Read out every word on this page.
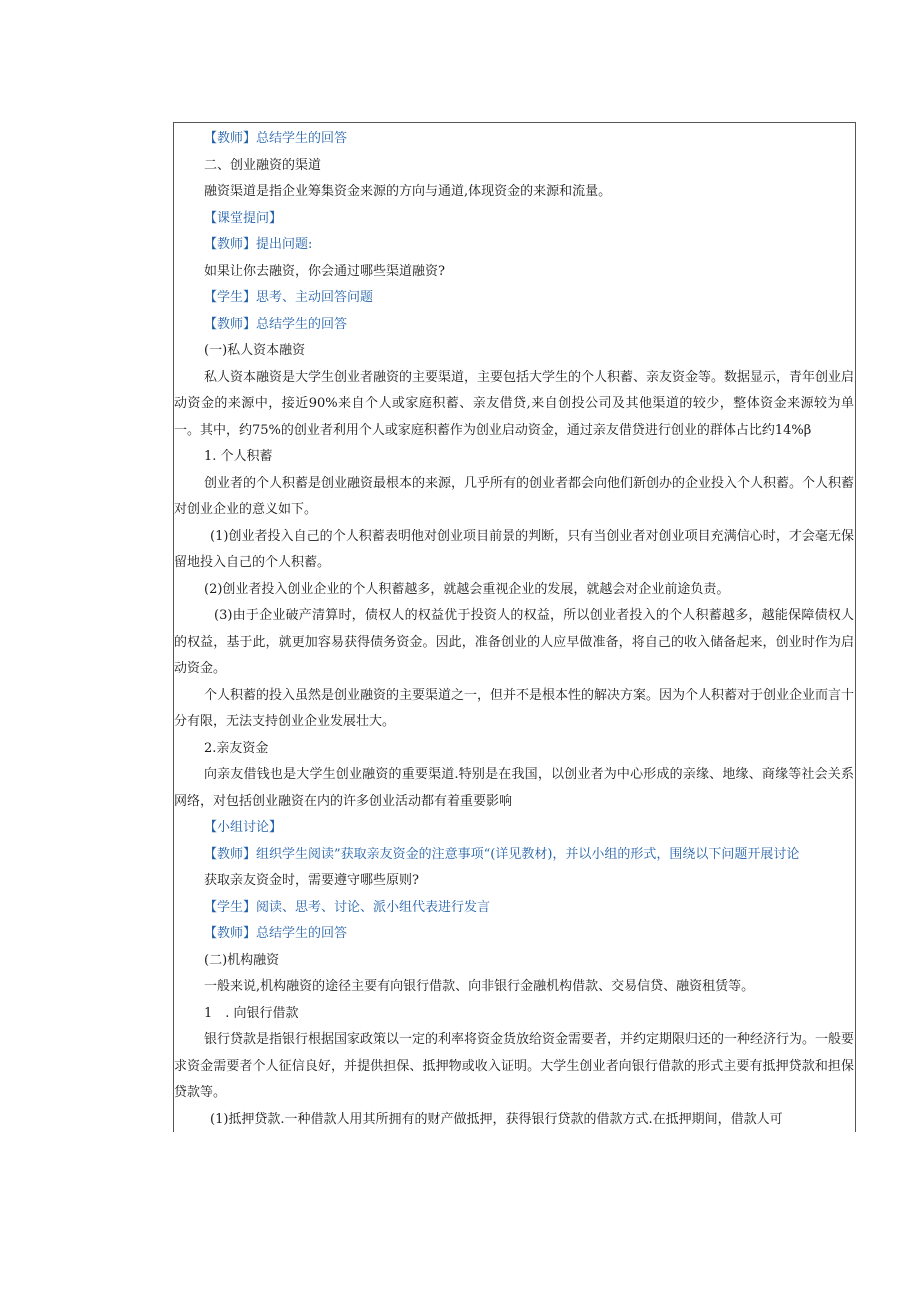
【教师】总结学生的回答

二、创业融资的渠道

融资渠道是指企业筹集资金来源的方向与通道,体现资金的来源和流量。

【课堂提问】

【教师】提出问题:

如果让你去融资，你会通过哪些渠道融资?

【学生】思考、主动回答问题

【教师】总结学生的回答

(一)私人资本融资

私人资本融资是大学生创业者融资的主要渠道，主要包括大学生的个人积蓄、亲友资金等。数据显示，青年创业启动资金的来源中，接近90%来自个人或家庭积蓄、亲友借贷,来自创投公司及其他渠道的较少，整体资金来源较为单一。其中，约75%的创业者利用个人或家庭积蓄作为创业启动资金，通过亲友借贷进行创业的群体占比约14%β

1. 个人积蓄

创业者的个人积蓄是创业融资最根本的来源，几乎所有的创业者都会向他们新创办的企业投入个人积蓄。个人积蓄对创业企业的意义如下。

(1)创业者投入自己的个人积蓄表明他对创业项目前景的判断，只有当创业者对创业项目充满信心时，才会毫无保留地投入自己的个人积蓄。

(2)创业者投入创业企业的个人积蓄越多，就越会重视企业的发展，就越会对企业前途负责。

(3)由于企业破产清算时，债权人的权益优于投资人的权益，所以创业者投入的个人积蓄越多，越能保障债权人的权益，基于此，就更加容易获得债务资金。因此，准备创业的人应早做准备，将自己的收入储备起来，创业时作为启动资金。

个人积蓄的投入虽然是创业融资的主要渠道之一，但并不是根本性的解决方案。因为个人积蓄对于创业企业而言十分有限，无法支持创业企业发展壮大。

2.亲友资金

向亲友借钱也是大学生创业融资的重要渠道.特别是在我国，以创业者为中心形成的亲缘、地缘、商缘等社会关系网络，对包括创业融资在内的许多创业活动都有着重要影响

【小组讨论】

【教师】组织学生阅读”获取亲友资金的注意事项“(详见教材)，并以小组的形式，围绕以下问题开展讨论

获取亲友资金时，需要遵守哪些原则?

【学生】阅读、思考、讨论、派小组代表进行发言

【教师】总结学生的回答

(二)机构融资

一般来说,机构融资的途径主要有向银行借款、向非银行金融机构借款、交易信贷、融资租赁等。

1　. 向银行借款

银行贷款是指银行根据国家政策以一定的利率将资金货放给资金需要者，并约定期限归还的一种经济行为。一般要求资金需要者个人征信良好，并提供担保、抵押物或收入证明。大学生创业者向银行借款的形式主要有抵押贷款和担保贷款等。

(1)抵押贷款.一种借款人用其所拥有的财产做抵押，获得银行贷款的借款方式.在抵押期间，借款人可
